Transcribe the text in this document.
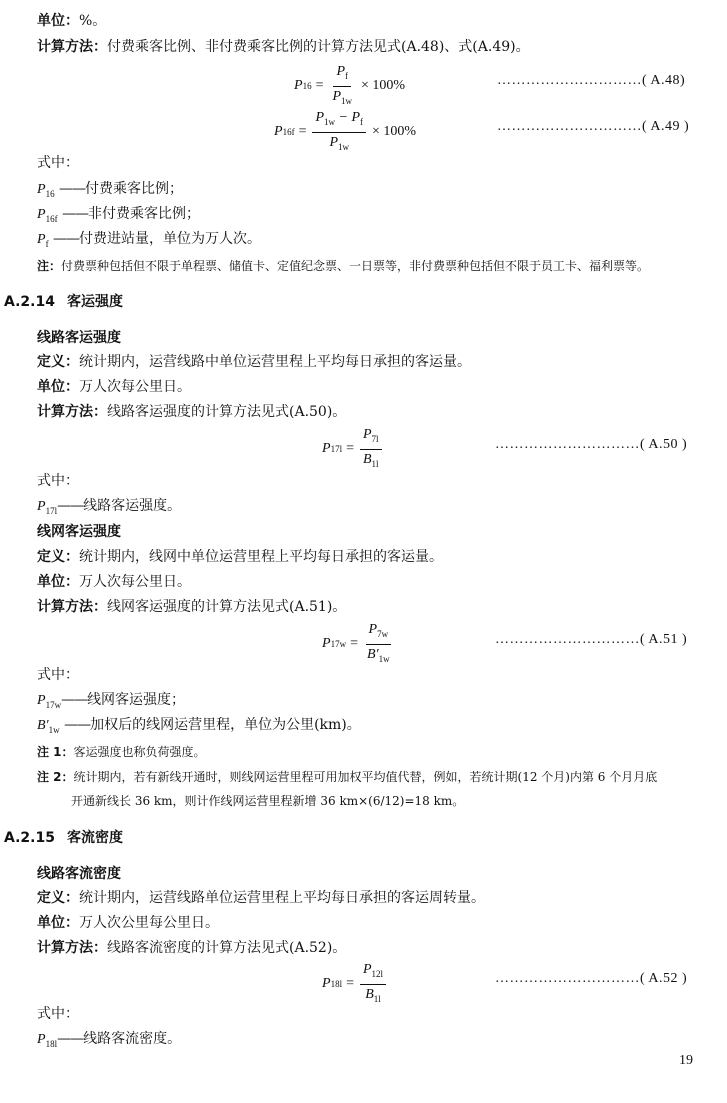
单位：%。
计算方法：付费乘客比例、非付费乘客比例的计算方法见式(A.48)、式(A.49)。
P $16 = \frac{P_f}{P_{1w}} \times 100\%$	…………………………( A.48)
P $16f = \frac{P_{1w} - P_f}{P_{1w}} \times 100\%$	…………………………( A.49 )
式中：
$P_{16}$ ——付费乘客比例；
$P_{16f}$ ——非付费乘客比例；
$P_f$ ——付费进站量，单位为万人次。
注：付费票种包括但不限于单程票、储值卡、定值纪念票、一日票等，非付费票种包括但不限于员工卡、福利票等。
A.2.14 客运强度
线路客运强度
定义：统计期内，运营线路中单位运营里程上平均每日承担的客运量。
单位：万人次每公里日。
计算方法：线路客运强度的计算方法见式(A.50)。
P $17l = \frac{P_{7l}}{B_{1l}}$	…………………………( A.50 )
式中：
$P_{17l}——$线路客运强度。
线网客运强度
定义：统计期内，线网中单位运营里程上平均每日承担的客运量。
单位：万人次每公里日。
计算方法：线网客运强度的计算方法见式(A.51)。
P $17w = \frac{P_{7w}}{B'_{1w}}$	…………………………( A.51 )
式中：
$P_{17w}——$线网客运强度；
$B'_{1w}$ ——加权后的线网运营里程，单位为公里(km)。
注 1：客运强度也称负荷强度。
注 2：统计期内，若有新线开通时，则线网运营里程可用加权平均值代替，例如，若统计期(12 个月)内第 6 个月月底
开通新线长 36 km，则计作线网运营里程新增 36 km×(6/12)=18 km。
A.2.15 客流密度
线路客流密度
定义：统计期内，运营线路单位运营里程上平均每日承担的客运周转量。
单位：万人次公里每公里日。
计算方法：线路客流密度的计算方法见式(A.52)。
P $18l = \frac{P_{12l}}{B_{1l}}$	…………………………( A.52 )
式中：
$P_{18l}——$线路客流密度。
19
